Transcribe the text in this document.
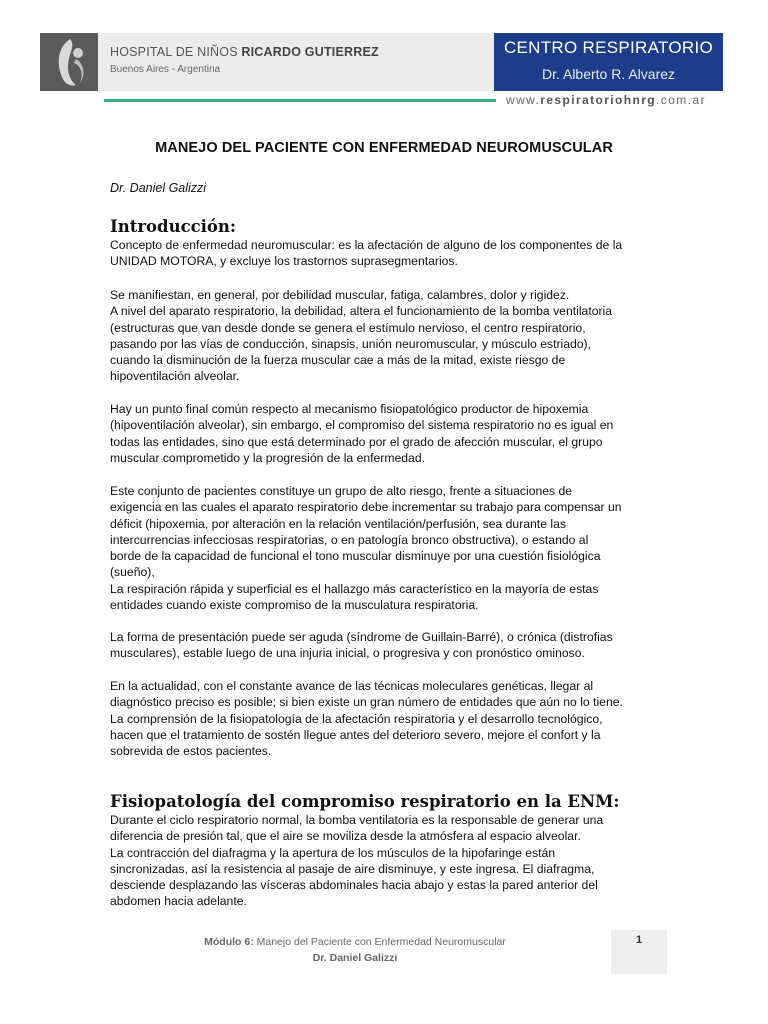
HOSPITAL DE NIÑOS RICARDO GUTIERREZ
Buenos Aires - Argentina
CENTRO RESPIRATORIO
Dr. Alberto R. Alvarez
www.respiratoriohnrg.com.ar
MANEJO DEL PACIENTE CON ENFERMEDAD NEUROMUSCULAR
Dr. Daniel Galizzi
Introducción:

Concepto de enfermedad neuromuscular: es la afectación de alguno de los componentes de la
UNIDAD MOTORA, y excluye los trastornos suprasegmentarios.

Se manifiestan, en general, por debilidad muscular, fatiga, calambres, dolor y rigidez.
A nivel del aparato respiratorio, la debilidad, altera el funcionamiento de la bomba ventilatoria
(estructuras que van desde donde se genera el estímulo nervioso, el centro respiratorio,
pasando por las vías de conducción, sinapsis, unión neuromuscular, y músculo estriado),
cuando la disminución de la fuerza muscular cae a más de la mitad, existe riesgo de
hipoventilación alveolar.

Hay un punto final común respecto al mecanismo fisiopatológico productor de hipoxemia
(hipoventilación alveolar), sin embargo, el compromiso del sistema respiratorio no es igual en
todas las entidades, sino que está determinado por el grado de afección muscular, el grupo
muscular comprometido y la progresión de la enfermedad.

Este conjunto de pacientes constituye un grupo de alto riesgo, frente a situaciones de
exigencia en las cuales el aparato respiratorio debe incrementar su trabajo para compensar un
déficit (hipoxemia, por alteración en la relación ventilación/perfusión, sea durante las
intercurrencias infecciosas respiratorias, o en patología bronco obstructiva), o estando al
borde de la capacidad de funcional el tono muscular disminuye por una cuestión fisiológica
(sueño),
La respiración rápida y superficial es el hallazgo más característico en la mayoría de estas
entidades cuando existe compromiso de la musculatura respiratoria.

La forma de presentación puede ser aguda (síndrome de Guillain-Barré), o crónica (distrofias
musculares), estable luego de una injuria inicial, o progresiva y con pronóstico ominoso.

En la actualidad, con el constante avance de las técnicas moleculares genéticas, llegar al
diagnóstico preciso es posible; si bien existe un gran número de entidades que aún no lo tiene.
La comprensión de la fisiopatología de la afectación respiratoria y el desarrollo tecnológico,
hacen que el tratamiento de sostén llegue antes del deterioro severo, mejore el confort y la
sobrevida de estos pacientes.

Fisiopatología del compromiso respiratorio en la ENM:

Durante el ciclo respiratorio normal, la bomba ventilatoria es la responsable de generar una
diferencia de presión tal, que el aire se moviliza desde la atmósfera al espacio alveolar.
La contracción del diafragma y la apertura de los músculos de la hipofaringe están
sincronizadas, así la resistencia al pasaje de aire disminuye, y este ingresa. El diafragma,
desciende desplazando las vísceras abdominales hacia abajo y estas la pared anterior del
abdomen hacia adelante.

Módulo 6: Manejo del Paciente con Enfermedad Neuromuscular
Dr. Daniel Galizzi
1
